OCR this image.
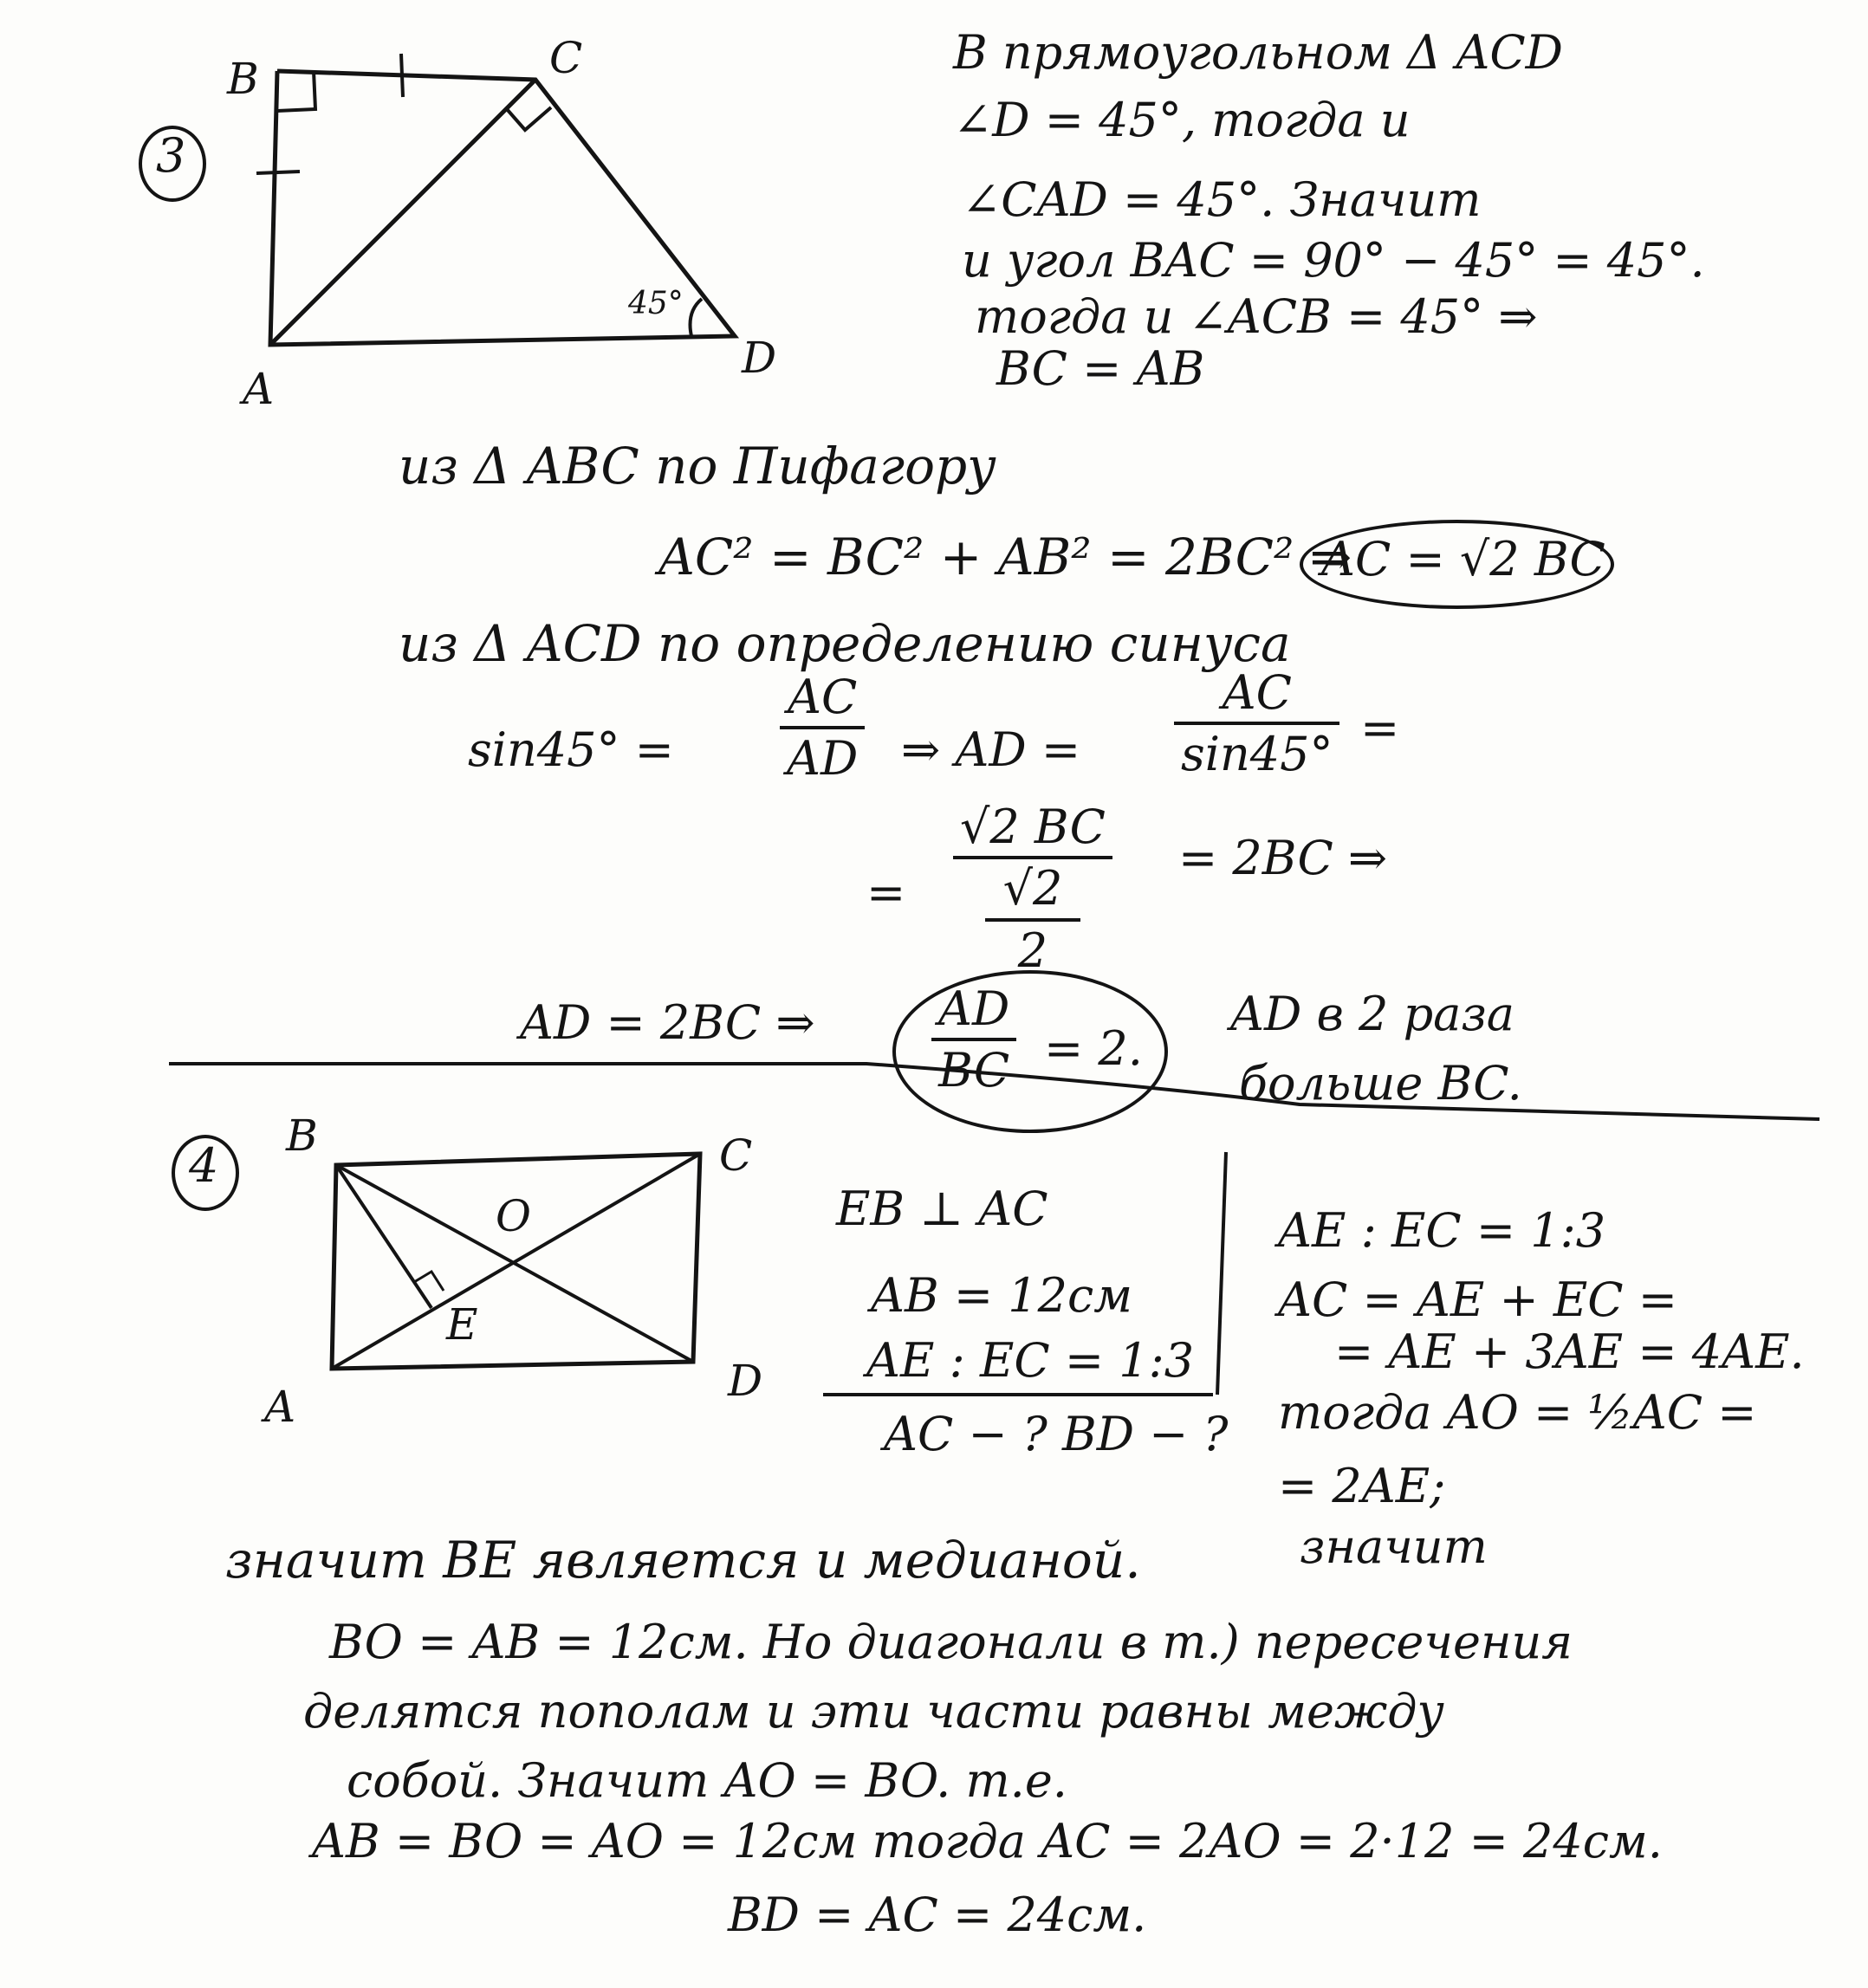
3
B	C
A
D
45°
В прямоугольном Δ ACD
∠D = 45°, тогда и
∠CAD = 45°. Значит
и угол BAC = 90° − 45° = 45°.
тогда и ∠ACB = 45° ⇒
BC = AB
из Δ ABC по Пифагору
AC² = BC² + AB² = 2BC² ⇒
AC = √2 BC
из Δ ACD по определению синуса
sin45° =
AC
AD ⇒ AD =
AC
sin45° =
=
√2 BC
√2
2
= 2BC ⇒
AD = 2BC ⇒	AD
BC = 2.
AD в 2 раза
больше BC.
4
B	C
A
D
O
E
EB ⊥ AC
AB = 12см
AE : EC = 1:3
AC − ? BD − ?
AE : EC = 1:3
AC = AE + EC =
= AE + 3AE = 4AE.
тогда AO = ½AC =
= 2AE;
значит
значит BE является и медианой.
BO = AB = 12см. Но диагонали в т.) пересечения
делятся пополам и эти части равны между
собой. Значит AO = BO. т.е.
AB = BO = AO = 12см тогда AC = 2AO = 2·12 = 24см.
BD = AC = 24см.
